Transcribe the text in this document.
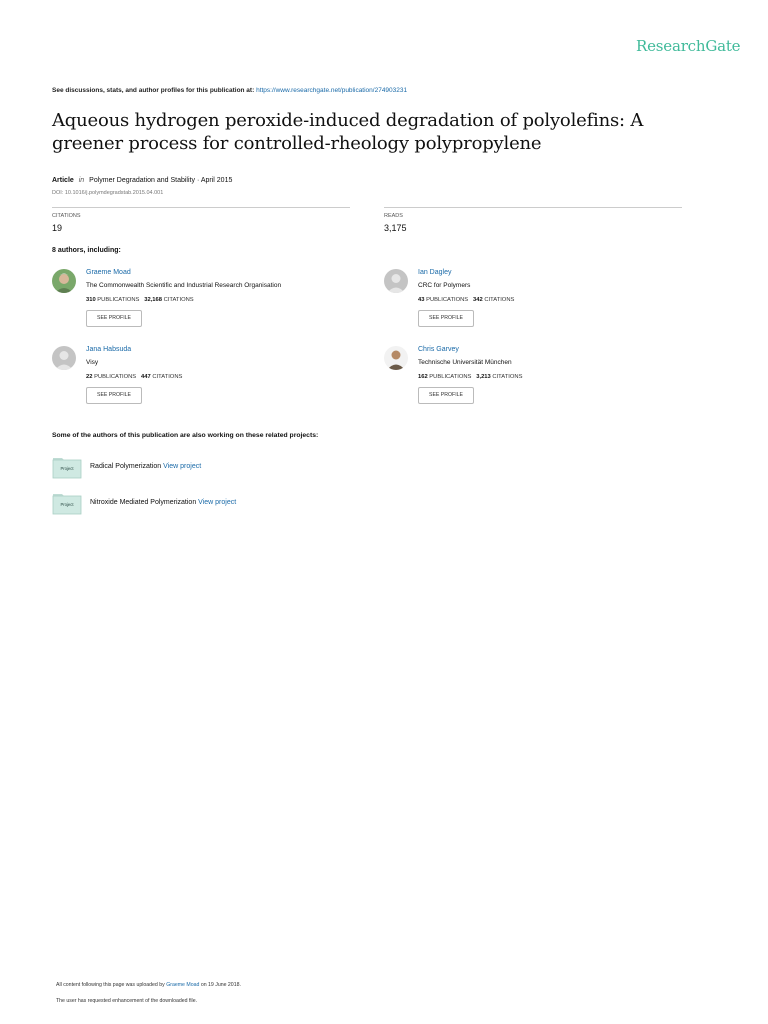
ResearchGate
See discussions, stats, and author profiles for this publication at: https://www.researchgate.net/publication/274903231
Aqueous hydrogen peroxide-induced degradation of polyolefins: A greener process for controlled-rheology polypropylene
Article in Polymer Degradation and Stability · April 2015
DOI: 10.1016/j.polymdegradstab.2015.04.001
CITATIONS
19
READS
3,175
8 authors, including:
Graeme Moad
The Commonwealth Scientific and Industrial Research Organisation
310 PUBLICATIONS 32,168 CITATIONS
SEE PROFILE
Ian Dagley
CRC for Polymers
43 PUBLICATIONS 342 CITATIONS
SEE PROFILE
Jana Habsuda
Visy
22 PUBLICATIONS 447 CITATIONS
SEE PROFILE
Chris Garvey
Technische Universität München
162 PUBLICATIONS 3,213 CITATIONS
SEE PROFILE
Some of the authors of this publication are also working on these related projects:
Project	Radical Polymerization View project
Project	Nitroxide Mediated Polymerization View project
All content following this page was uploaded by Graeme Moad on 19 June 2018.
The user has requested enhancement of the downloaded file.
